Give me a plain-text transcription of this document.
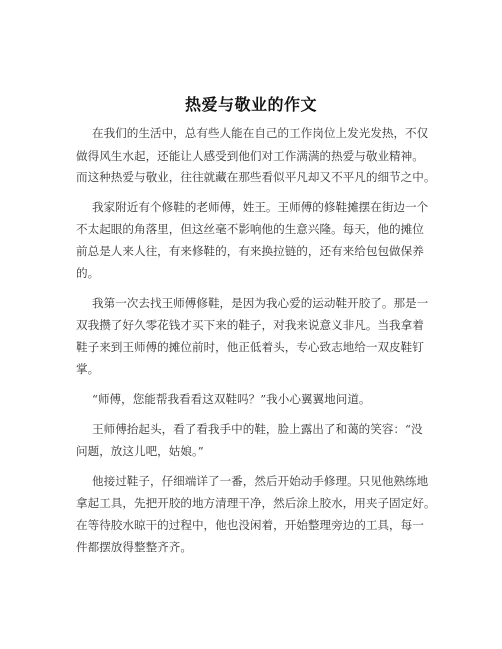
热爱与敬业的作文
在我们的生活中，总有些人能在自己的工作岗位上发光发热，不仅
做得风生水起，还能让人感受到他们对工作满满的热爱与敬业精神。
而这种热爱与敬业，往往就藏在那些看似平凡却又不平凡的细节之中。
我家附近有个修鞋的老师傅，姓王。王师傅的修鞋摊摆在街边一个
不太起眼的角落里，但这丝毫不影响他的生意兴隆。每天，他的摊位
前总是人来人往，有来修鞋的，有来换拉链的，还有来给包包做保养
的。
我第一次去找王师傅修鞋，是因为我心爱的运动鞋开胶了。那是一
双我攒了好久零花钱才买下来的鞋子，对我来说意义非凡。当我拿着
鞋子来到王师傅的摊位前时，他正低着头，专心致志地给一双皮鞋钉
掌。
“师傅，您能帮我看看这双鞋吗？”我小心翼翼地问道。
王师傅抬起头，看了看我手中的鞋，脸上露出了和蔼的笑容：“没
问题，放这儿吧，姑娘。”
他接过鞋子，仔细端详了一番，然后开始动手修理。只见他熟练地
拿起工具，先把开胶的地方清理干净，然后涂上胶水，用夹子固定好。
在等待胶水晾干的过程中，他也没闲着，开始整理旁边的工具，每一
件都摆放得整整齐齐。
